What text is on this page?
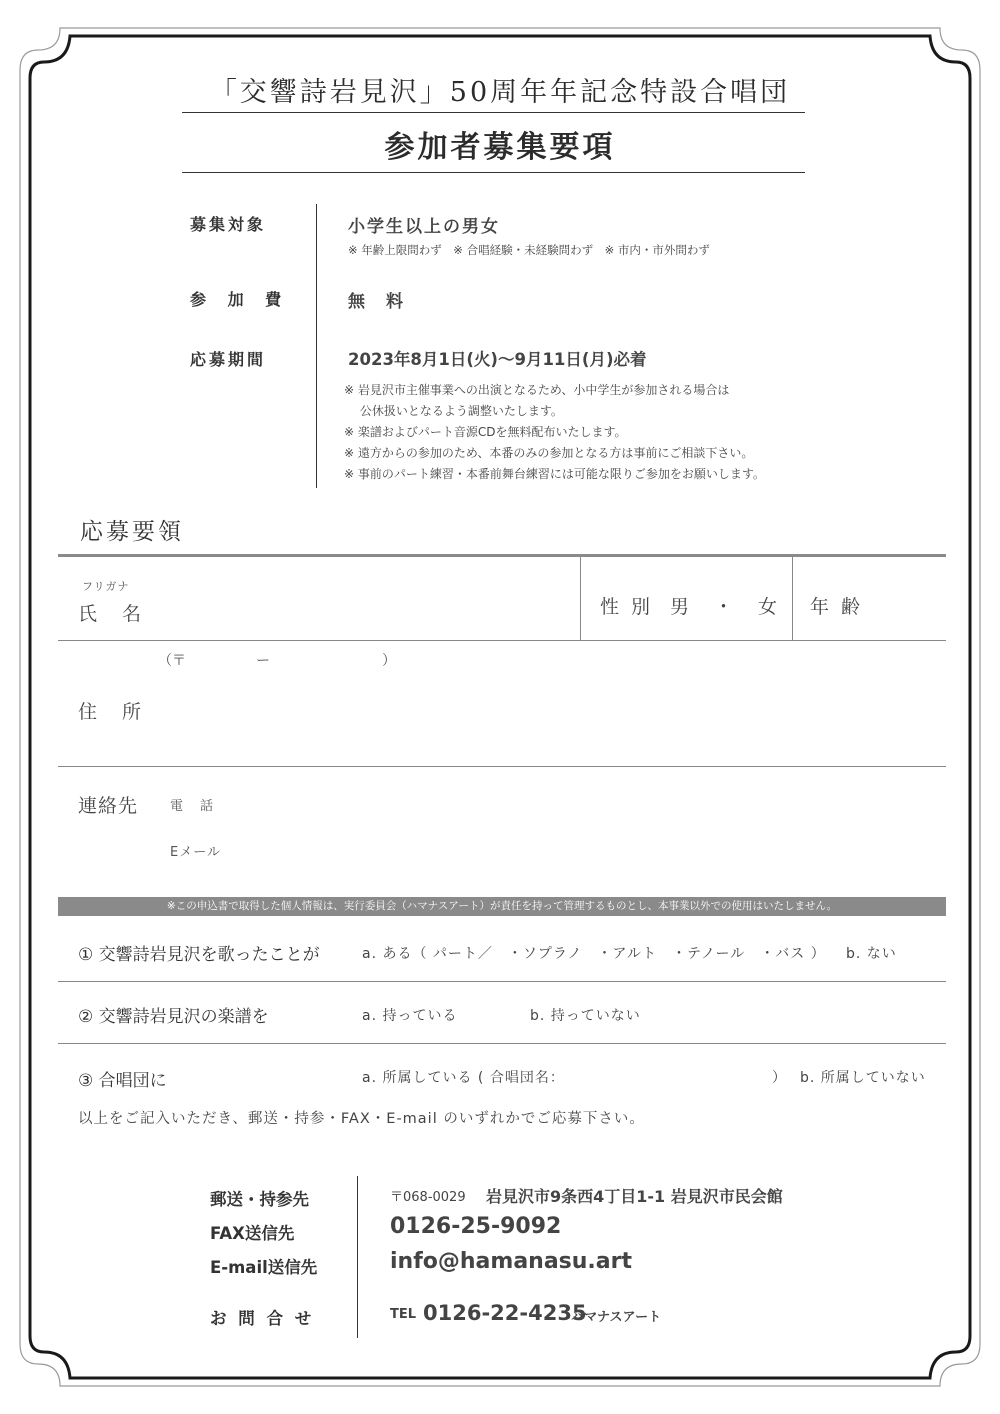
「交響詩岩見沢」50周年年記念特設合唱団
参加者募集要項
募集対象	小学生以上の男女
※ 年齢上限問わず　※ 合唱経験・未経験問わず　※ 市内・市外問わず
参 加 費	無　料
応募期間	2023年8月1日(火)〜9月11日(月)必着
※ 岩見沢市主催事業への出演となるため、小中学生が参加される場合は
　 公休扱いとなるよう調整いたします。
※ 楽譜およびパート音源CDを無料配布いたします。
※ 遠方からの参加のため、本番のみの参加となる方は事前にご相談下さい。
※ 事前のパート練習・本番前舞台練習には可能な限りご参加をお願いします。
応募要領
フリガナ
氏　名	性 別 男　・　女 年 齢
（〒　　　　　ー　　　　　　　　）
住　所
連絡先 電　話
Eメール
※この申込書で取得した個人情報は、実行委員会（ハマナスアート）が責任を持って管理するものとし、本事業以外での使用はいたしません。
① 交響詩岩見沢を歌ったことが	a. ある（ パート／　・ソプラノ　・アルト　・テノール　・バス ） b. ない
② 交響詩岩見沢の楽譜を	a. 持っている	b. 持っていない
③ 合唱団に	a. 所属している ( 合唱団名：	） b. 所属していない
以上をご記入いただき、郵送・持参・FAX・E-mail のいずれかでご応募下さい。
郵送・持参先	〒068-0029 岩見沢市9条西4丁目1-1 岩見沢市民会館
FAX送信先	0126-25-9092
E-mail送信先	info@hamanasu.art
お 問 合 せ	TEL 0126-22-4235
ハマナスアート
